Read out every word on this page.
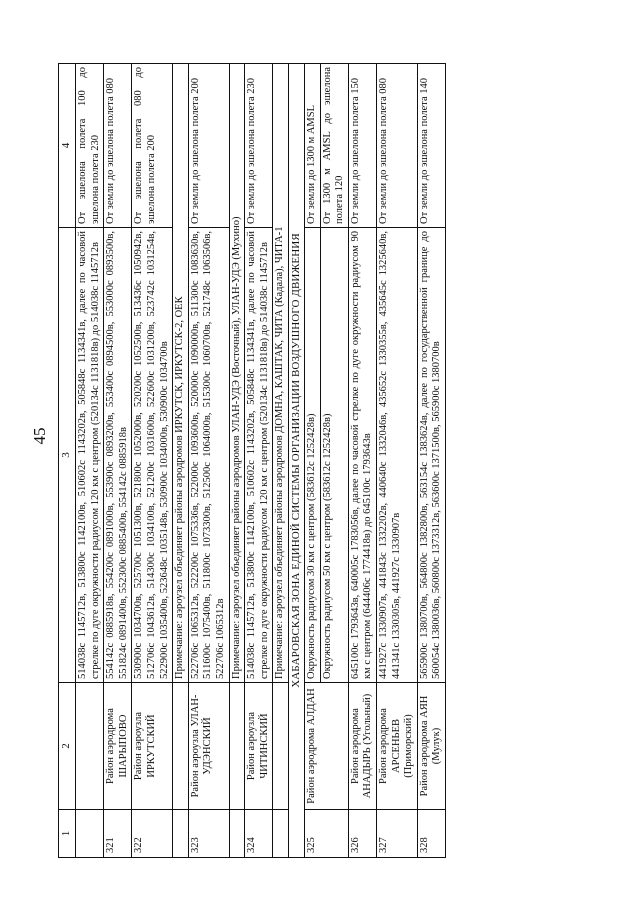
45
1	2	3	4
		514038с 1145712в, 513800с 1142100в, 510602с 1143202в, 505848с 1134341в, далее по часовой стрелке по дуге окружности радиусом 120 км с центром (520134с 1131818в) до 514038с 1145712в	От эшелона полета 100 до эшелона полета 230
321	Район аэродрома ШАРЫПОВО	554142с 0885918в, 554200с 0891000в, 553900с 0893200в, 553400с 0894500в, 553000с 0893500в, 551824с 0891400в, 552300с 0885400в, 554142с 0885918в	От земли до эшелона полета 080
322	Район аэроузла ИРКУТСКИЙ	530900с 1034700в, 525700с 1051300в, 521800с 1052000в, 520200с 1052500в, 513436с 1050942в, 512706с 1043612в, 514300с 1034100в, 521200с 1031600в, 522600с 1031200в, 523742с 1031254в, 522900с 1035400в, 523648с 1035148в, 530900с 1034000в, 530900с 1034700в	От эшелона полета 080 до эшелона полета 200
		Примечание: аэроузел объединяет районы аэродромов ИРКУТСК, ИРКУТСК-2, ОЕК	
323	Район аэроузла УЛАН-УДЭНСКИЙ	522706с 1065312в, 522200с 1075336в, 522000с 1093600в, 520000с 1090000в, 511300с 1083630в, 511600с 1075400в, 511800с 1073300в, 512500с 1064000в, 515300с 1060700в, 521748с 1063506в, 522706с 1065312в	От земли до эшелона полета 200
		Примечание: аэроузел объединяет районы аэродромов УЛАН-УДЭ (Восточный), УЛАН-УДЭ (Мухино)	
324	Район аэроузла ЧИТИНСКИЙ	514038с 1145712в, 513800с 1142100в, 510602с 1143202в, 505848с 1134341в, далее по часовой стрелке по дуге окружности радиусом 120 км с центром (520134с 1131818в) до 514038с 1145712в	От земли до эшелона полета 230
		Примечание: аэроузел объединяет районы аэродромов ДОМНА, КАШТАК, ЧИТА (Кадала), ЧИТА-1	
ХАБАРОВСКАЯ ЗОНА ЕДИНОЙ СИСТЕМЫ ОРГАНИЗАЦИИ ВОЗДУШНОГО ДВИЖЕНИЯ			
325	Район аэродрома АЛДАН	Окружность радиусом 30 км с центром (583612с 1252428в)	От земли до 1300 м AMSL
		Окружность радиусом 50 км с центром (583612с 1252428в)	От 1300 м AMSL до эшелона полета 120
326	Район аэродрома АНАДЫРЬ (Угольный)	645100с 1793643в, 640005с 1783056в, далее по часовой стрелке по дуге окружности радиусом 90 км с центром (644406с 1774418в) до 645100с 1793643в	От земли до эшелона полета 150
327	Район аэродрома АРСЕНЬЕВ (Приморский)	441927с 1330907в, 441843с 1332202в, 440640с 1332046в, 435652с 1330355в, 435645с 1325640в, 441341с 1330305в, 441927с 1330907в	От земли до эшелона полета 080
328	Район аэродрома АЯН (Мулук)	565900с 1380700в, 564800с 1382800в, 563154с 1383624в, далее по государственной границе до 560054с 1380036в, 560800с 1373312в, 563600с 1371500в, 565900с 1380700в	От земли до эшелона полета 140
